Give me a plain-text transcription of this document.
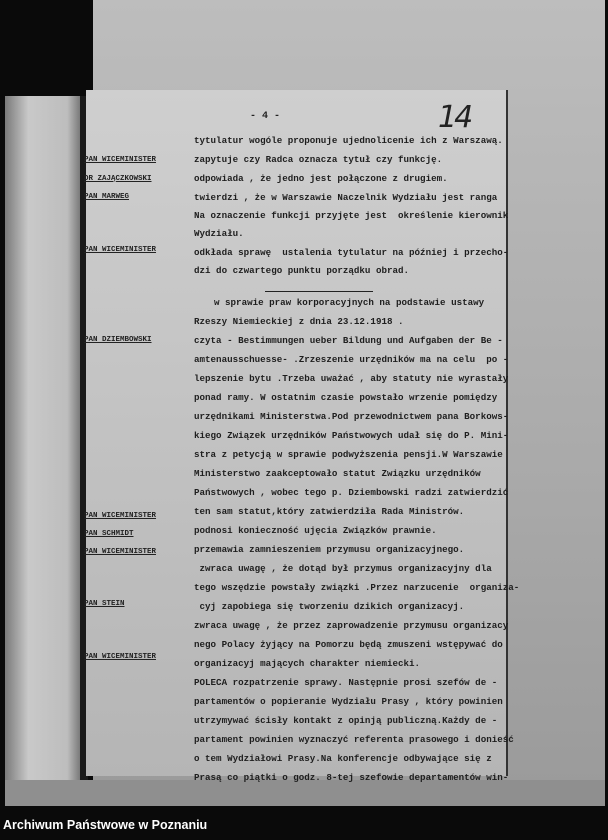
- 4 -	14
PAN WICEMINISTER
DR ZAJĄCZKOWSKI
PAN MARWEG
PAN WICEMINISTER
PAN DZIEMBOWSKI
PAN WICEMINISTER
PAN SCHMIDT
PAN WICEMINISTER
PAN STEIN
PAN WICEMINISTER
tytulatur wogóle proponuje ujednolicenie ich z Warszawą.
zapytuje czy Radca oznacza tytuł czy funkcję.
odpowiada , że jedno jest połączone z drugiem.
twierdzi , że w Warszawie Naczelnik Wydziału jest ranga
Na oznaczenie funkcji przyjęte jest  określenie kierownik
Wydziału.
odkłada sprawę  ustalenia tytulatur na później i przecho-
dzi do czwartego punktu porządku obrad.
w sprawie praw korporacyjnych na podstawie ustawy
Rzeszy Niemieckiej z dnia 23.12.1918 .
czyta - Bestimmungen ueber Bildung und Aufgaben der Be -
amtenausschuesse- .Zrzeszenie urzędników ma na celu  po -
lepszenie bytu .Trzeba uważać , aby statuty nie wyrastały
ponad ramy. W ostatnim czasie powstało wrzenie pomiędzy
urzędnikami Ministerstwa.Pod przewodnictwem pana Borkows-
kiego Związek urzędników Państwowych udał się do P. Mini-
stra z petycją w sprawie podwyższenia pensji.W Warszawie
Ministerstwo zaakceptowało statut Związku urzędników
Państwowych , wobec tego p. Dziembowski radzi zatwierdzić
ten sam statut,który zatwierdziła Rada Ministrów.
podnosi konieczność ujęcia Związków prawnie.
przemawia zamnieszeniem przymusu organizacyjnego.
zwraca uwagę , że dotąd był przymus organizacyjny dla
tego wszędzie powstały związki .Przez narzucenie  organiza-
cyj zapobiega się tworzeniu dzikich organizacyj.
zwraca uwagę , że przez zaprowadzenie przymusu organizacy
nego Polacy żyjący na Pomorzu będą zmuszeni wstępywać do
organizacyj mających charakter niemiecki.
POLECA rozpatrzenie sprawy. Następnie prosi szefów de -
partamentów o popieranie Wydziału Prasy , który powinien
utrzymywać ścisły kontakt z opinją publiczną.Każdy de -
partament powinien wyznaczyć referenta prasowego i donieść
o tem Wydziałowi Prasy.Na konferencje odbywające się z
Prasą co piątki o godz. 8-tej szefowie departamentów win-
Archiwum Państwowe w Poznaniu
